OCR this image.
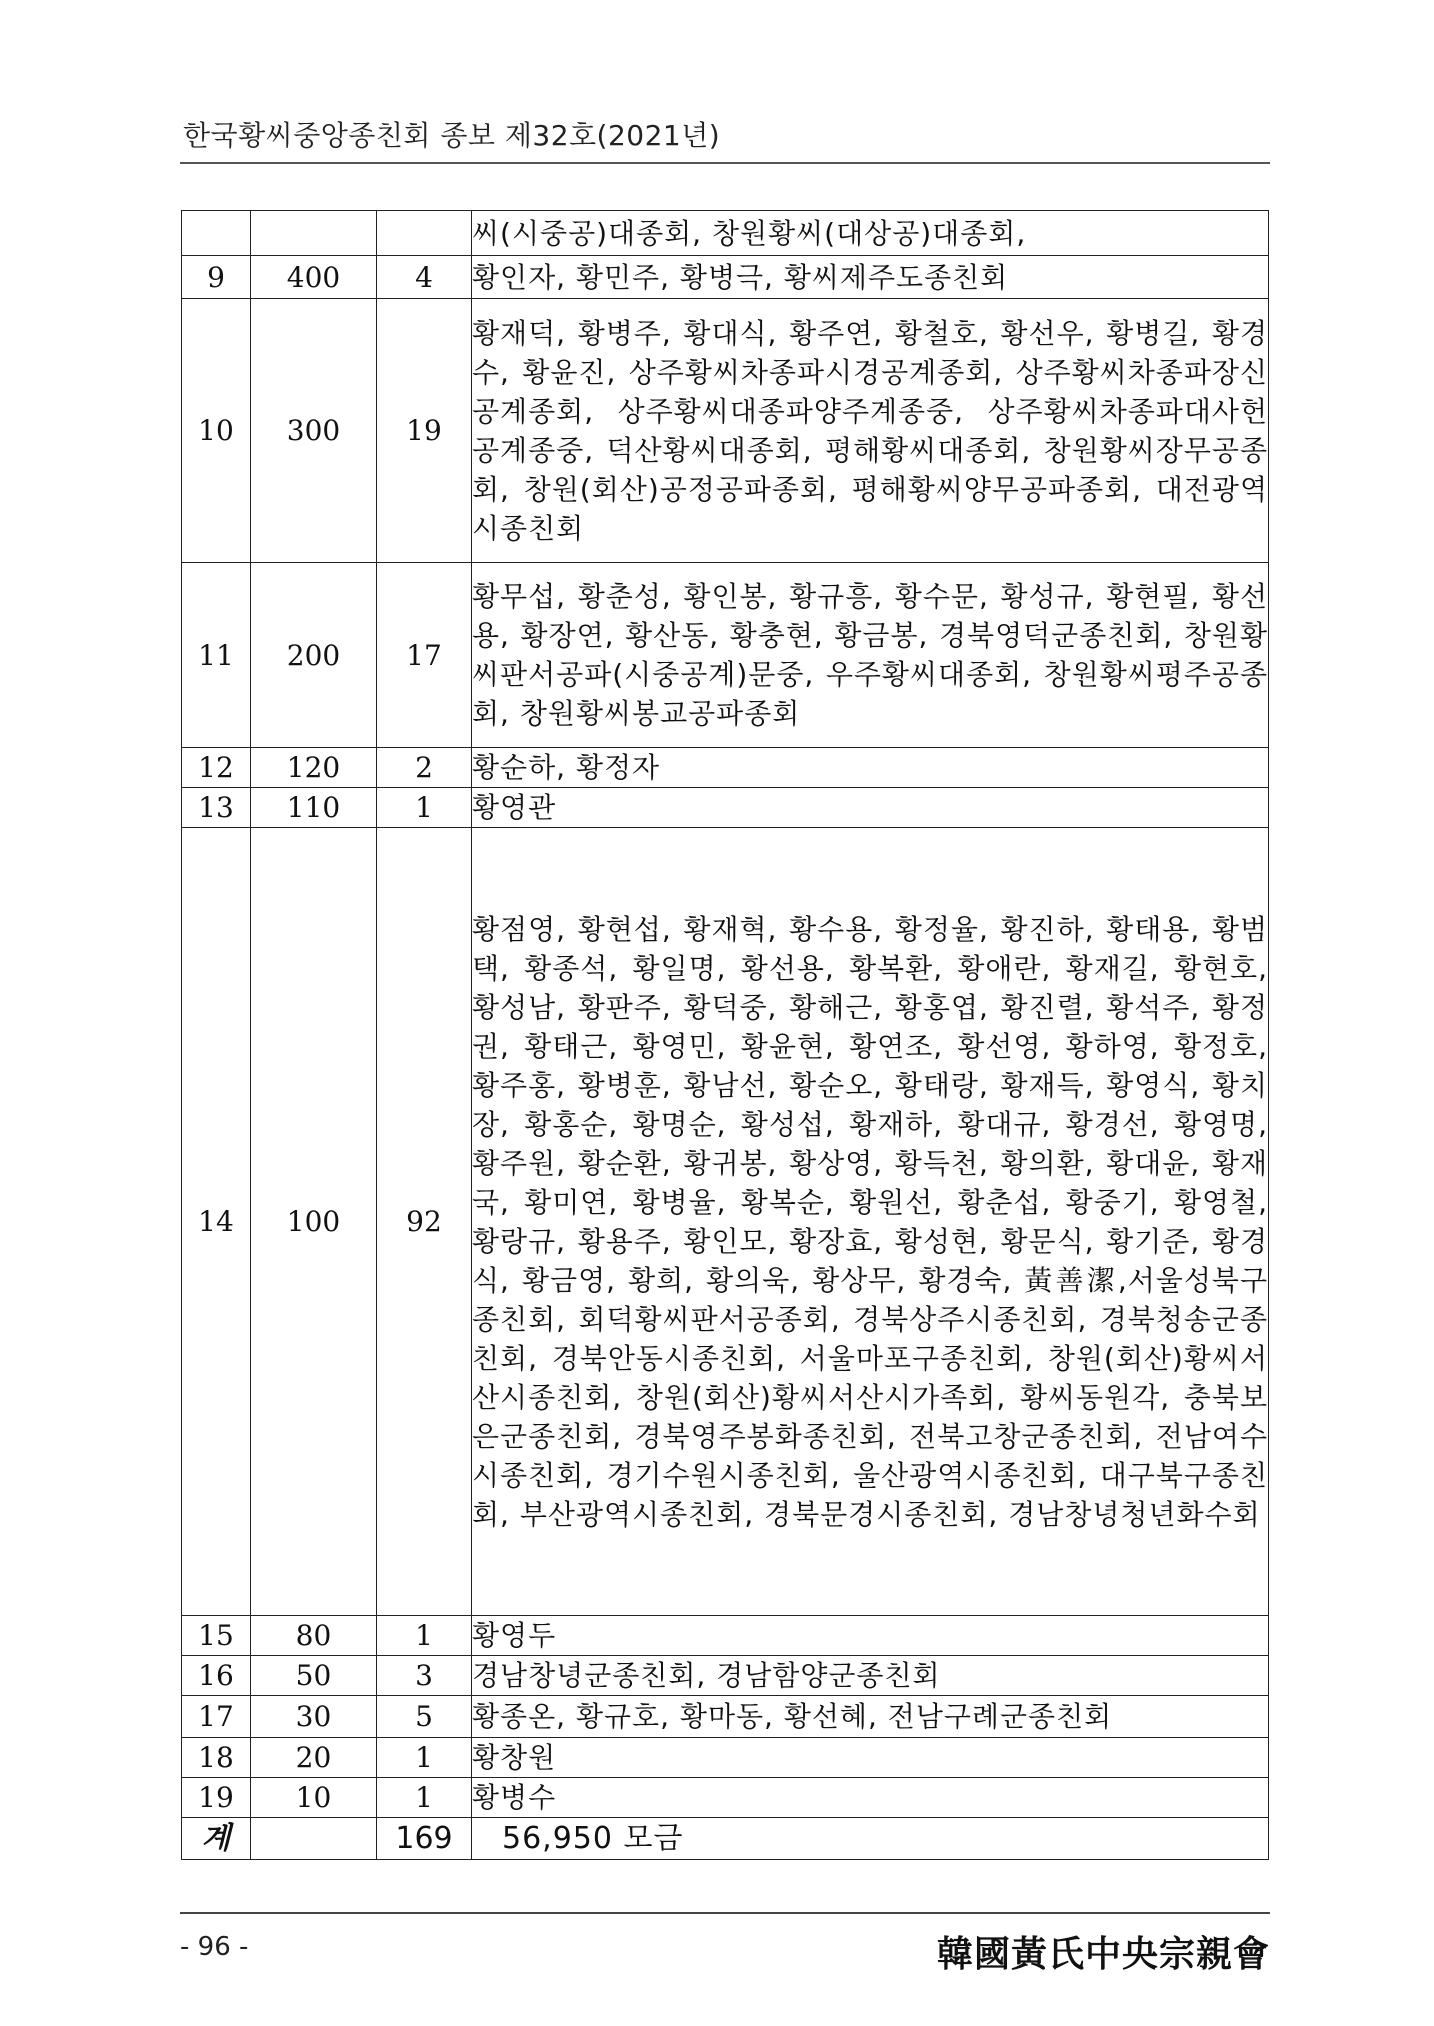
한국황씨중앙종친회 종보 제32호(2021년)
			씨(시중공)대종회, 창원황씨(대상공)대종회,
9	400	4	황인자, 황민주, 황병극, 황씨제주도종친회
10	300	19	황재덕, 황병주, 황대식, 황주연, 황철호, 황선우, 황병길, 황경수, 황윤진, 상주황씨차종파시경공계종회, 상주황씨차종파장신공계종회, 상주황씨대종파양주계종중, 상주황씨차종파대사헌공계종중, 덕산황씨대종회, 평해황씨대종회, 창원황씨장무공종회, 창원(회산)공정공파종회, 평해황씨양무공파종회, 대전광역시종친회
11	200	17	황무섭, 황춘성, 황인봉, 황규흥, 황수문, 황성규, 황현필, 황선용, 황장연, 황산동, 황충현, 황금봉, 경북영덕군종친회, 창원황씨판서공파(시중공계)문중, 우주황씨대종회, 창원황씨평주공종회, 창원황씨봉교공파종회
12	120	2	황순하, 황정자
13	110	1	황영관
14	100	92	황점영, 황현섭, 황재혁, 황수용, 황정율, 황진하, 황태용, 황범택, 황종석, 황일명, 황선용, 황복환, 황애란, 황재길, 황현호, 황성남, 황판주, 황덕중, 황해근, 황홍엽, 황진렬, 황석주, 황정권, 황태근, 황영민, 황윤현, 황연조, 황선영, 황하영, 황정호, 황주홍, 황병훈, 황남선, 황순오, 황태랑, 황재득, 황영식, 황치장, 황홍순, 황명순, 황성섭, 황재하, 황대규, 황경선, 황영명, 황주원, 황순환, 황귀봉, 황상영, 황득천, 황의환, 황대윤, 황재국, 황미연, 황병율, 황복순, 황원선, 황춘섭, 황중기, 황영철, 황랑규, 황용주, 황인모, 황장효, 황성현, 황문식, 황기준, 황경식, 황금영, 황희, 황의욱, 황상무, 황경숙, 黃善潔,서울성북구종친회, 회덕황씨판서공종회, 경북상주시종친회, 경북청송군종친회, 경북안동시종친회, 서울마포구종친회, 창원(회산)황씨서산시종친회, 창원(회산)황씨서산시가족회, 황씨동원각, 충북보은군종친회, 경북영주봉화종친회, 전북고창군종친회, 전남여수시종친회, 경기수원시종친회, 울산광역시종친회, 대구북구종친회, 부산광역시종친회, 경북문경시종친회, 경남창녕청년화수회
15	80	1	황영두
16	50	3	경남창녕군종친회, 경남함양군종친회
17	30	5	황종온, 황규호, 황마동, 황선혜, 전남구례군종친회
18	20	1	황창원
19	10	1	황병수
계		169	56,950 모금
- 96 -	韓國黃氏中央宗親會
